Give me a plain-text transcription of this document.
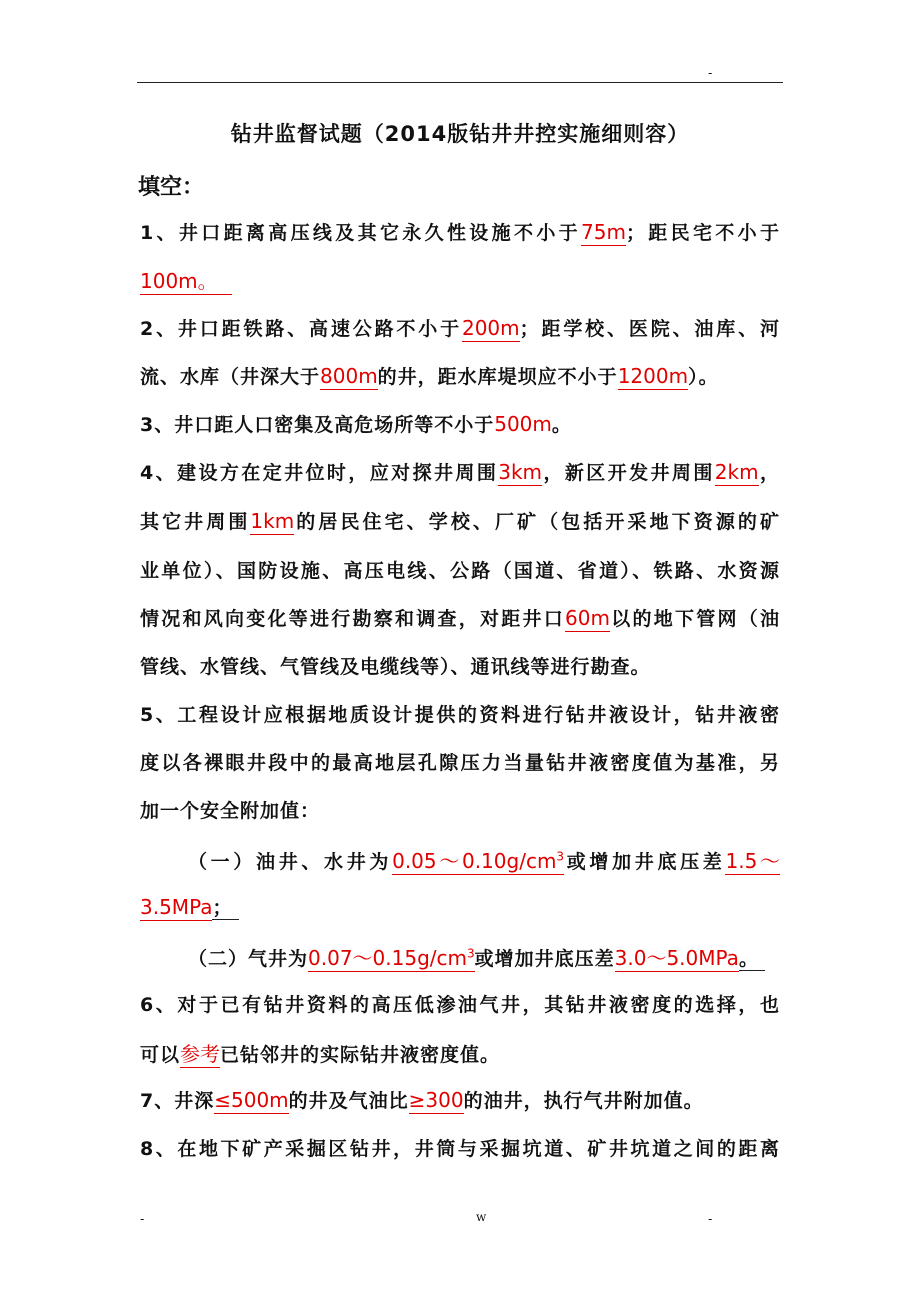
-
钻井监督试题（2014版钻井井控实施细则容）
填空：
1、井口距离高压线及其它永久性设施不小于75m；距民宅不小于
100m。
2、井口距铁路、高速公路不小于200m；距学校、医院、油库、河
流、水库（井深大于800m的井，距水库堤坝应不小于1200m）。
3、井口距人口密集及高危场所等不小于500m。
4、建设方在定井位时，应对探井周围3km，新区开发井周围2km，
其它井周围1km的居民住宅、学校、厂矿（包括开采地下资源的矿
业单位）、国防设施、高压电线、公路（国道、省道）、铁路、水资源
情况和风向变化等进行勘察和调查，对距井口60m以的地下管网（油
管线、水管线、气管线及电缆线等）、通讯线等进行勘查。
5、工程设计应根据地质设计提供的资料进行钻井液设计，钻井液密
度以各裸眼井段中的最高地层孔隙压力当量钻井液密度值为基准，另
加一个安全附加值：
（一）油井、水井为$0.05\sim 0.10g/cm^3$或增加井底压差1.5～
3.5MPa；
（二）气井为$0.07\sim 0.15g/cm^3$或增加井底压差3.0～5.0MPa。
6、对于已有钻井资料的高压低渗油气井，其钻井液密度的选择，也
可以参考已钻邻井的实际钻井液密度值。
7、井深≤500m的井及气油比≥300的油井，执行气井附加值。
8、在地下矿产采掘区钻井，井筒与采掘坑道、矿井坑道之间的距离
-	w	-
